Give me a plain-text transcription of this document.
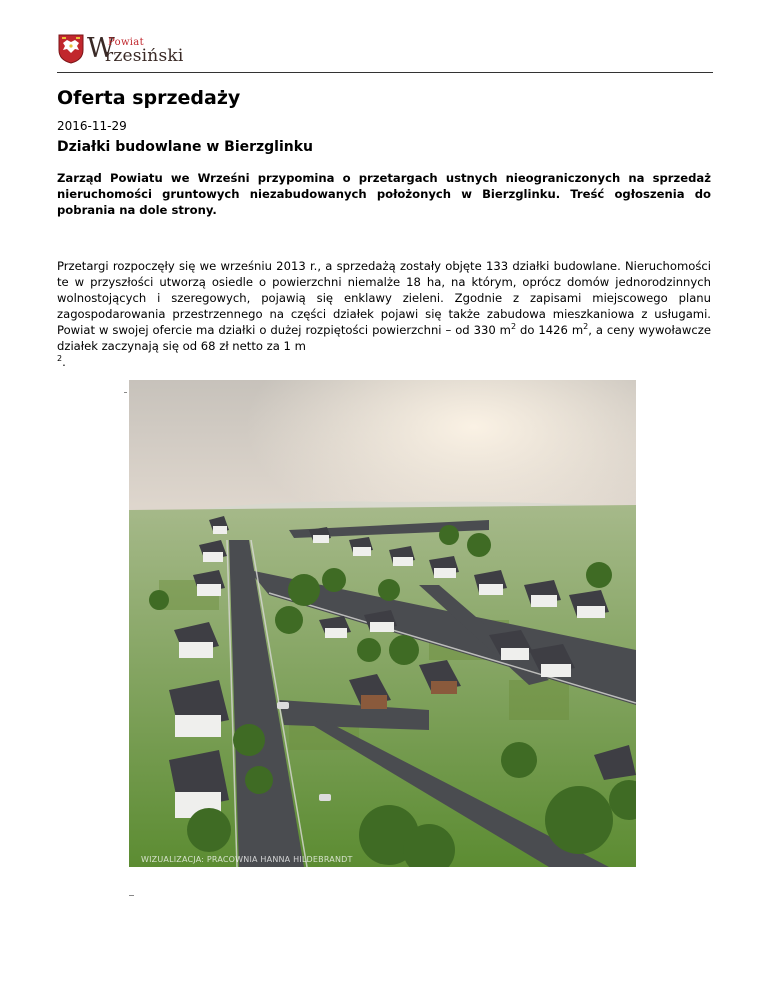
W
Powiat
rzesiński
Oferta sprzedaży
2016-11-29
Działki budowlane w Bierzglinku

Zarząd Powiatu we Wrześni przypomina o przetargach ustnych nieograniczonych na sprzedaż nieruchomości gruntowych niezabudowanych położonych w Bierzglinku. Treść ogłoszenia do pobrania na dole strony.

Przetargi rozpoczęły się we wrześniu 2013 r., a sprzedażą zostały objęte 133 działki budowlane. Nieruchomości te w przyszłości utworzą osiedle o powierzchni niemalże 18 ha, na którym, oprócz domów jednorodzinnych wolnostojących i szeregowych, pojawią się enklawy zieleni. Zgodnie z zapisami miejscowego planu zagospodarowania przestrzennego na części działek pojawi się także zabudowa mieszkaniowa z usługami. Powiat w swojej ofercie ma działki o dużej rozpiętości powierzchni – od 330 $m^2$ do 1426 $m^2$, a ceny wywoławcze działek zaczynają się od 68 zł netto za 1 m
$^2$.

WIZUALIZACJA: PRACOWNIA HANNA HILDEBRANDT
